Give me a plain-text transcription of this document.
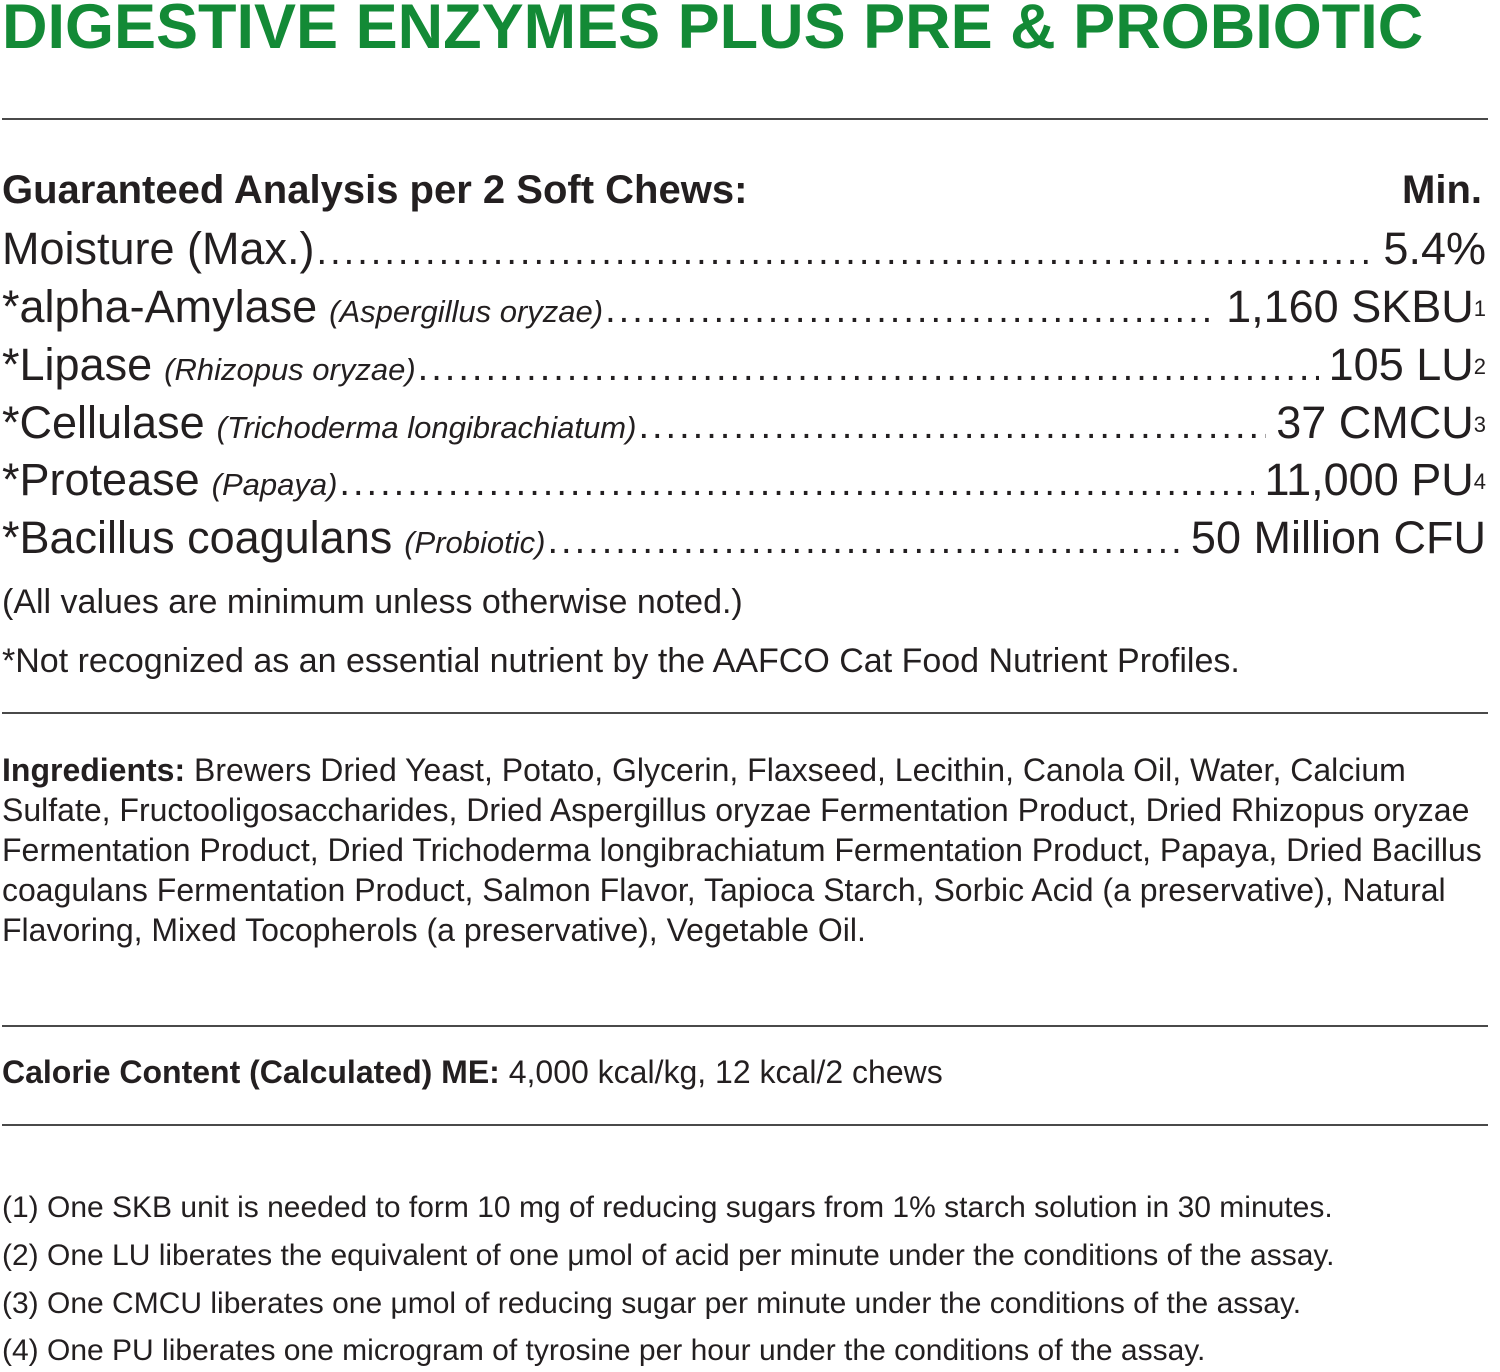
DIGESTIVE ENZYMES PLUS PRE & PROBIOTIC
Guaranteed Analysis per 2 Soft Chews:	Min.
Moisture (Max.) .....	5.4%
*alpha-Amylase (Aspergillus oryzae) .....	1,160 SKBU$^1$
*Lipase (Rhizopus oryzae) .....	105 $LU^2$
*Cellulase (Trichoderma longibrachiatum) .....	37 CMCU$^3$
*Protease (Papaya) .....	11,000 $PU^4$
*Bacillus coagulans (Probiotic) .....	50 Million CFU
(All values are minimum unless otherwise noted.)
*Not recognized as an essential nutrient by the AAFCO Cat Food Nutrient Profiles.

Ingredients: Brewers Dried Yeast, Potato, Glycerin, Flaxseed, Lecithin, Canola Oil, Water, Calcium Sulfate, Fructooligosaccharides, Dried Aspergillus oryzae Fermentation Product, Dried Rhizopus oryzae Fermentation Product, Dried Trichoderma longibrachiatum Fermentation Product, Papaya, Dried Bacillus coagulans Fermentation Product, Salmon Flavor, Tapioca Starch, Sorbic Acid (a preservative), Natural Flavoring, Mixed Tocopherols (a preservative), Vegetable Oil.

Calorie Content (Calculated) ME: 4,000 kcal/kg, 12 kcal/2 chews

(1) One SKB unit is needed to form 10 mg of reducing sugars from 1% starch solution in 30 minutes.

(2) One LU liberates the equivalent of one μmol of acid per minute under the conditions of the assay.

(3) One CMCU liberates one μmol of reducing sugar per minute under the conditions of the assay.

(4) One PU liberates one microgram of tyrosine per hour under the conditions of the assay.
